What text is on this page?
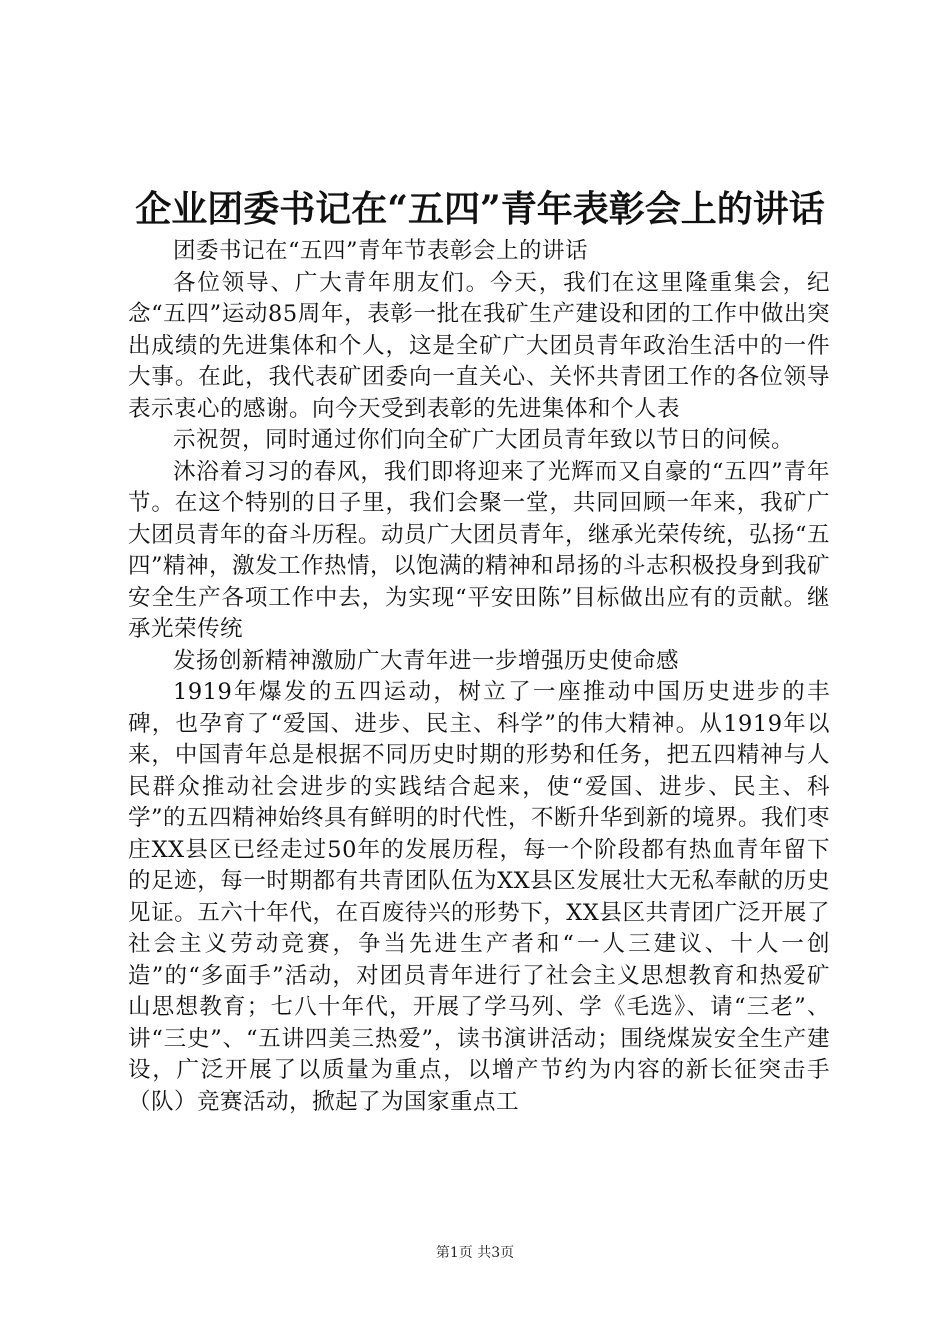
企业团委书记在“五四”青年表彰会上的讲话

团委书记在“五四”青年节表彰会上的讲话

各位领导、广大青年朋友们。今天，我们在这里隆重集会，纪念“五四”运动85周年，表彰一批在我矿生产建设和团的工作中做出突出成绩的先进集体和个人，这是全矿广大团员青年政治生活中的一件大事。在此，我代表矿团委向一直关心、关怀共青团工作的各位领导表示衷心的感谢。向今天受到表彰的先进集体和个人表

示祝贺，同时通过你们向全矿广大团员青年致以节日的问候。

沐浴着习习的春风，我们即将迎来了光辉而又自豪的“五四”青年节。在这个特别的日子里，我们会聚一堂，共同回顾一年来，我矿广大团员青年的奋斗历程。动员广大团员青年，继承光荣传统，弘扬“五四”精神，激发工作热情，以饱满的精神和昂扬的斗志积极投身到我矿安全生产各项工作中去，为实现“平安田陈”目标做出应有的贡献。继承光荣传统

发扬创新精神激励广大青年进一步增强历史使命感

1919年爆发的五四运动，树立了一座推动中国历史进步的丰碑，也孕育了“爱国、进步、民主、科学”的伟大精神。从1919年以来，中国青年总是根据不同历史时期的形势和任务，把五四精神与人民群众推动社会进步的实践结合起来，使“爱国、进步、民主、科学”的五四精神始终具有鲜明的时代性，不断升华到新的境界。我们枣庄XX县区已经走过50年的发展历程，每一个阶段都有热血青年留下的足迹，每一时期都有共青团队伍为XX县区发展壮大无私奉献的历史见证。五六十年代，在百废待兴的形势下，XX县区共青团广泛开展了社会主义劳动竞赛，争当先进生产者和“一人三建议、十人一创造”的“多面手”活动，对团员青年进行了社会主义思想教育和热爱矿山思想教育；七八十年代，开展了学马列、学《毛选》、请“三老”、讲“三史”、“五讲四美三热爱”，读书演讲活动；围绕煤炭安全生产建设，广泛开展了以质量为重点，以增产节约为内容的新长征突击手（队）竞赛活动，掀起了为国家重点工

第1页 共3页
